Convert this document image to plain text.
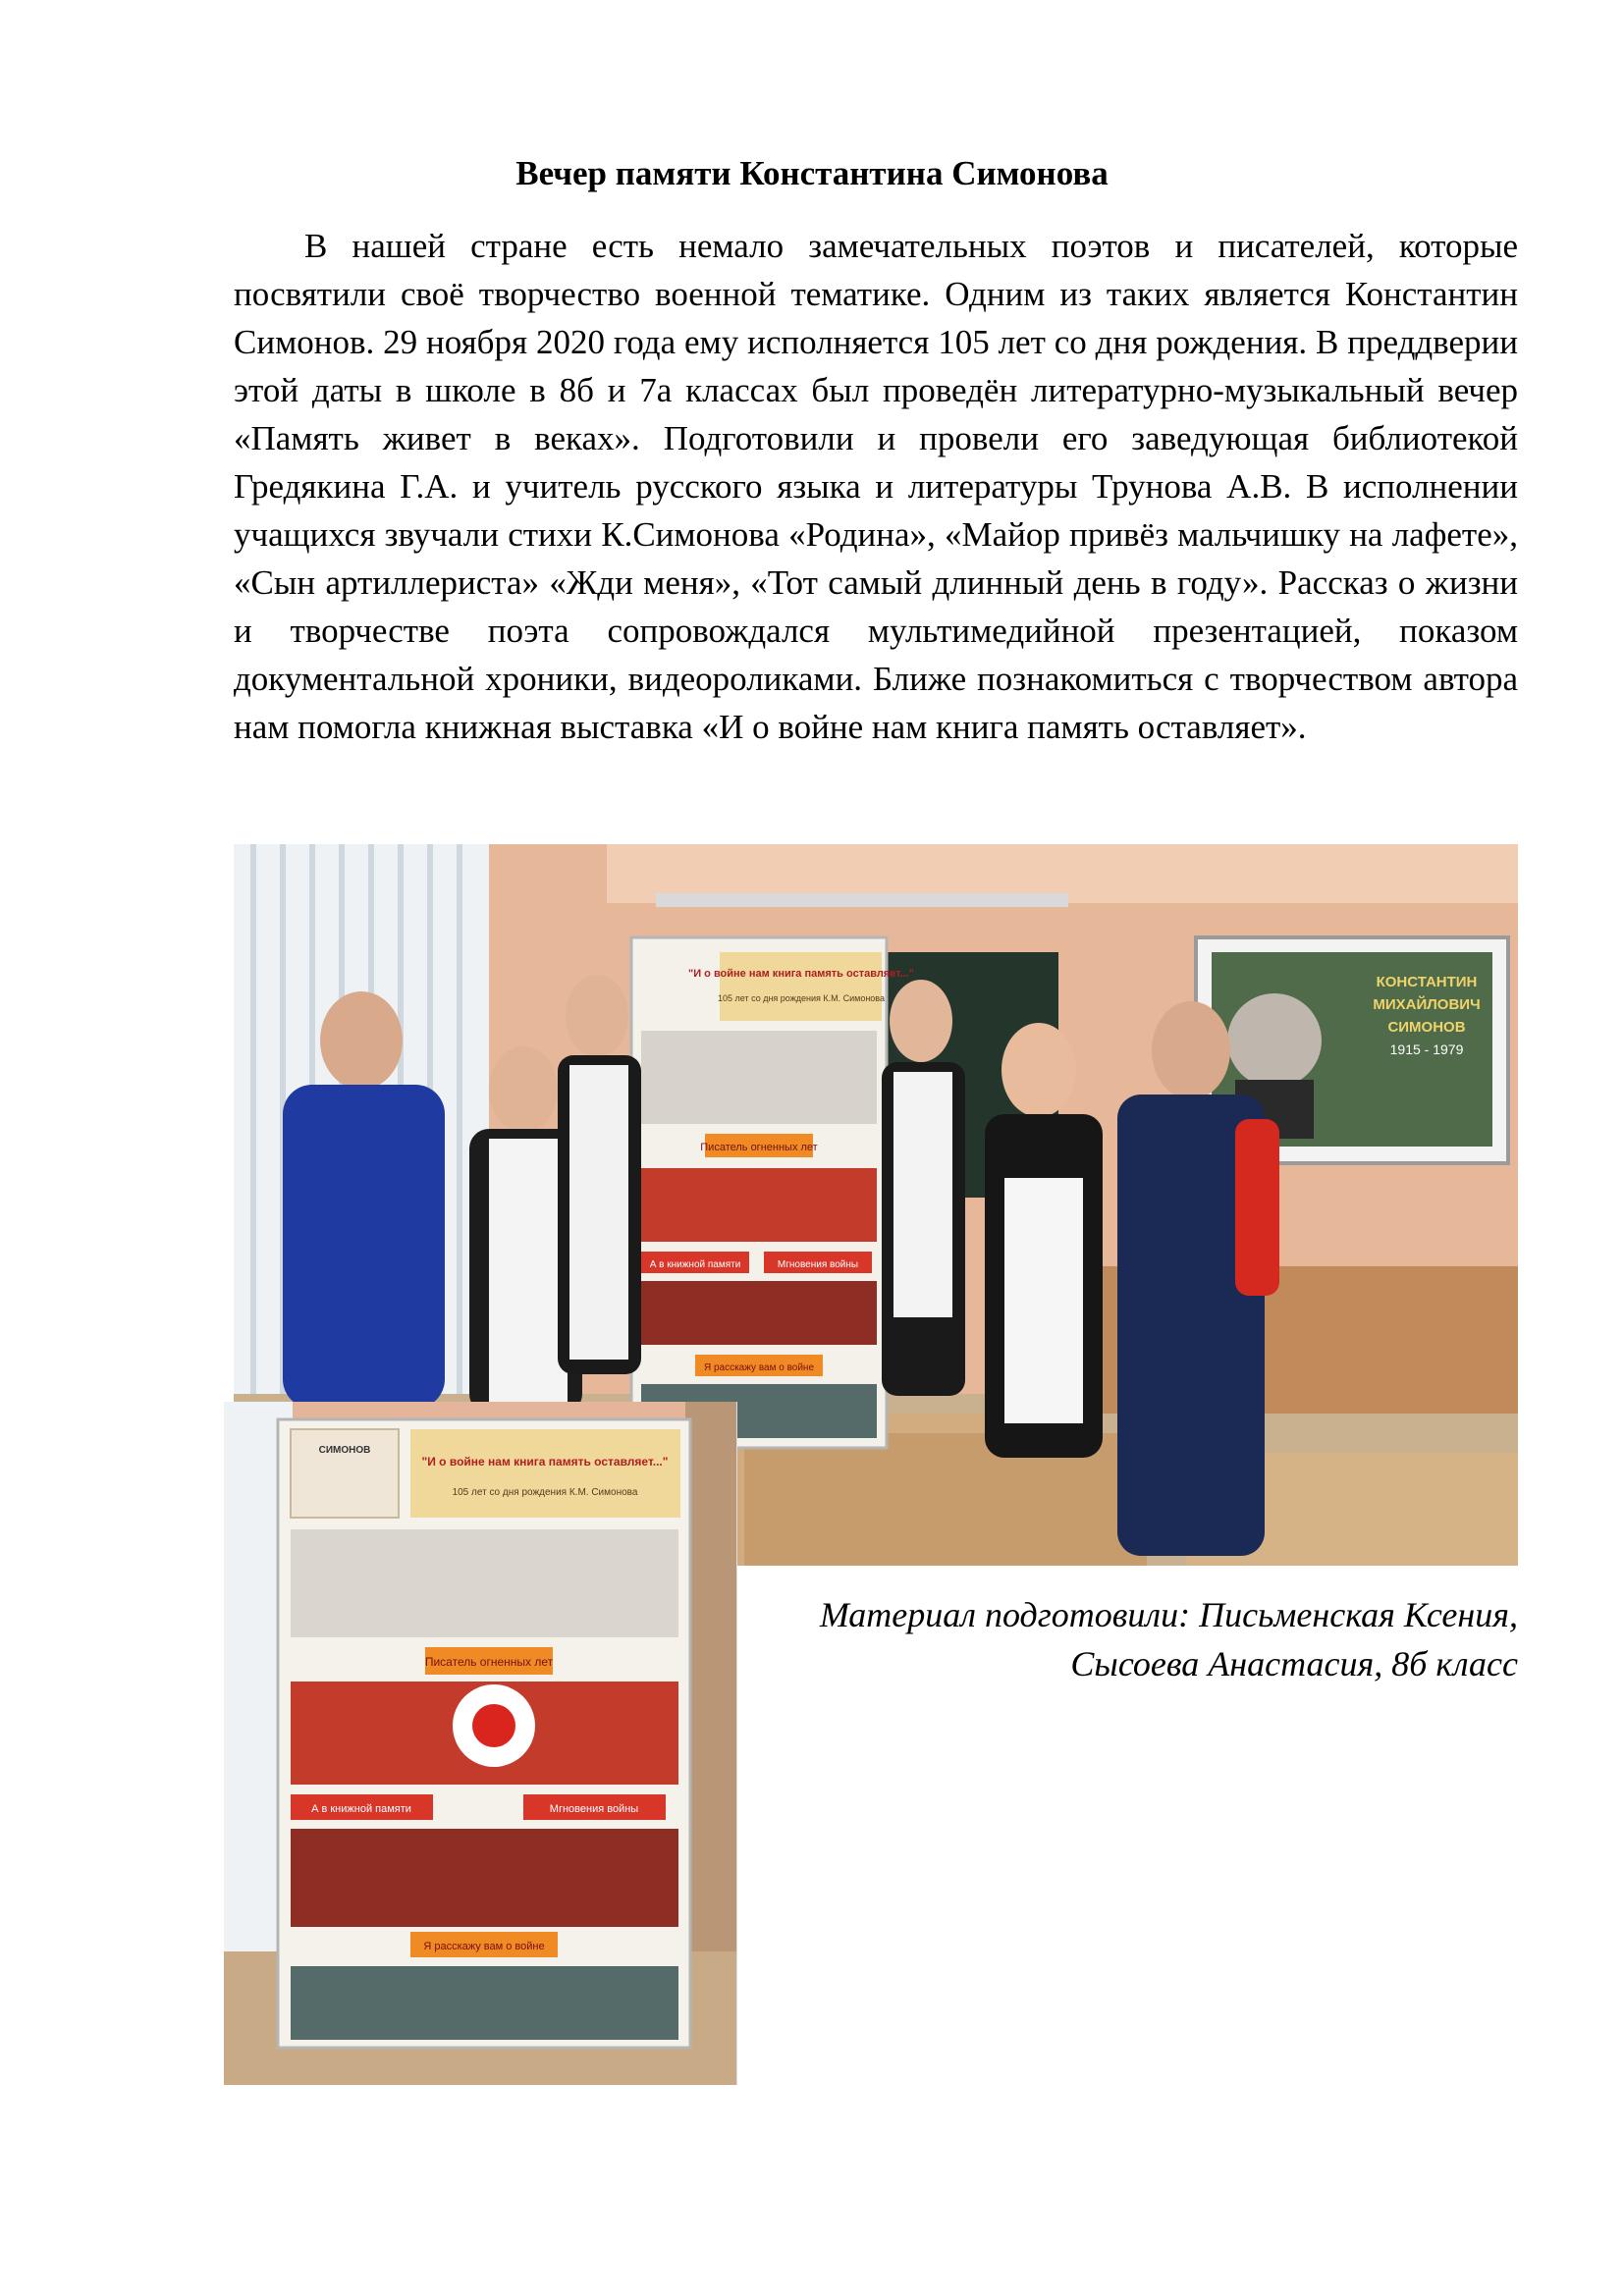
Вечер памяти Константина Симонова

В нашей стране есть немало замечательных поэтов и писателей, которые посвятили своё творчество военной тематике. Одним из таких является Константин Симонов. 29 ноября 2020 года ему исполняется 105 лет со дня рождения. В преддверии этой даты в школе в 8б и 7а классах был проведён литературно-музыкальный вечер «Память живет в веках». Подготовили и провели его заведующая библиотекой Гредякина Г.А. и учитель русского языка и литературы Трунова А.В. В исполнении учащихся звучали стихи К.Симонова «Родина», «Майор привёз мальчишку на лафете», «Сын артиллериста» «Жди меня», «Тот самый длинный день в году». Рассказ о жизни и творчестве поэта сопровождался мультимедийной презентацией, показом документальной хроники, видеороликами. Ближе познакомиться с творчеством автора нам помогла книжная выставка «И о войне нам книга память оставляет».

КОНСТАНТИН
МИХАЙЛОВИЧ
СИМОНОВ
1915 - 1979
"И о войне нам книга память оставляет..."
105 лет со дня рождения К.М. Симонова
Писатель огненных лет
А в книжной памяти	Мгновения войны
Я расскажу вам о войне
СИМОНОВ
"И о войне нам книга память оставляет..."
105 лет со дня рождения К.М. Симонова
Писатель огненных лет
А в книжной памяти	Мгновения войны
Я расскажу вам о войне
Материал подготовили: Письменская Ксения,
Сысоева Анастасия, 8б класс
